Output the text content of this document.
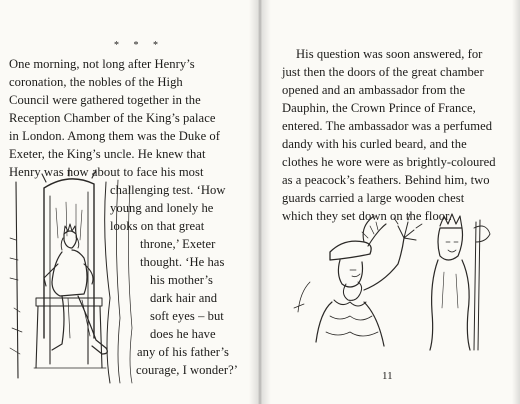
* * *
One morning, not long after Henry’s
coronation, the nobles of the High
Council were gathered together in the
Reception Chamber of the King’s palace
in London. Among them was the Duke of
Exeter, the King’s uncle. He knew that
Henry was now about to face his most
challenging test. ‘How
young and lonely he
looks on that great
throne,’ Exeter
thought. ‘He has
his mother’s
dark hair and
soft eyes – but
does he have
any of his father’s
courage, I wonder?’
His question was soon answered, for
just then the doors of the great chamber
opened and an ambassador from the
Dauphin, the Crown Prince of France,
entered. The ambassador was a perfumed
dandy with his curled beard, and the
clothes he wore were as brightly-coloured
as a peacock’s feathers. Behind him, two
guards carried a large wooden chest
which they set down on the floor.
11
